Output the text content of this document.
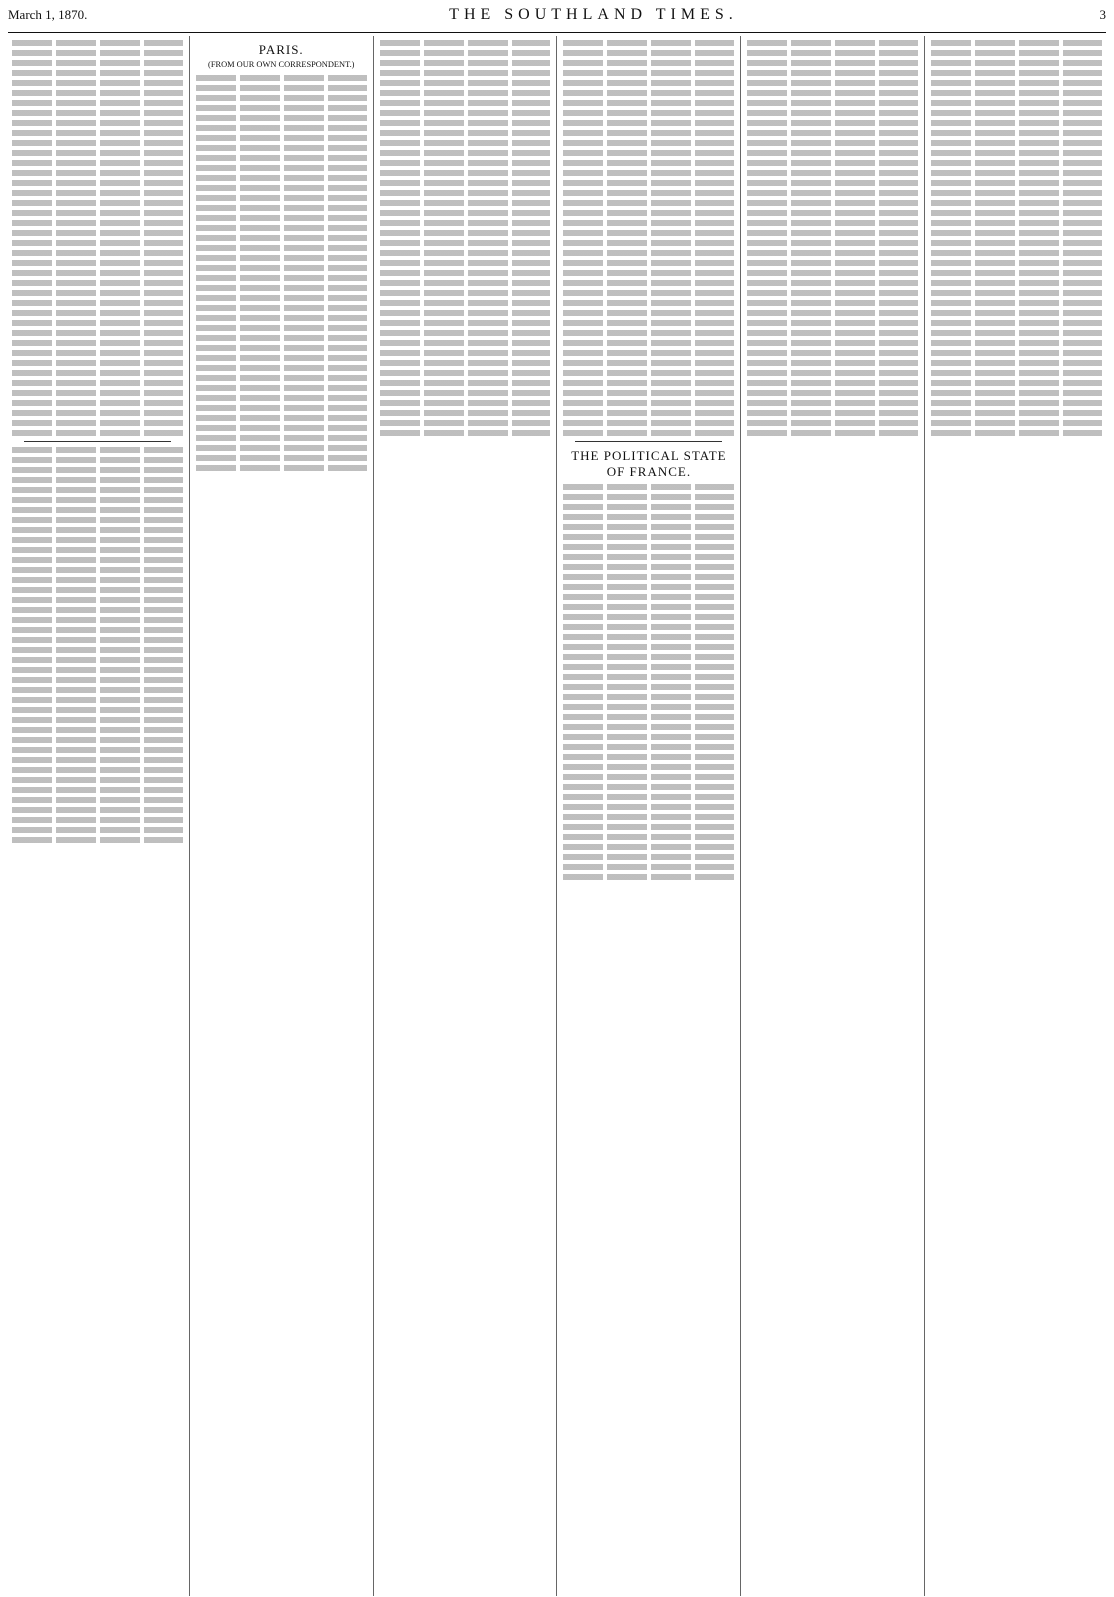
March 1, 1870.	THE SOUTHLAND TIMES.	3
PARIS.
(FROM OUR OWN CORRESPONDENT.)
THE POLITICAL STATE OF FRANCE.
